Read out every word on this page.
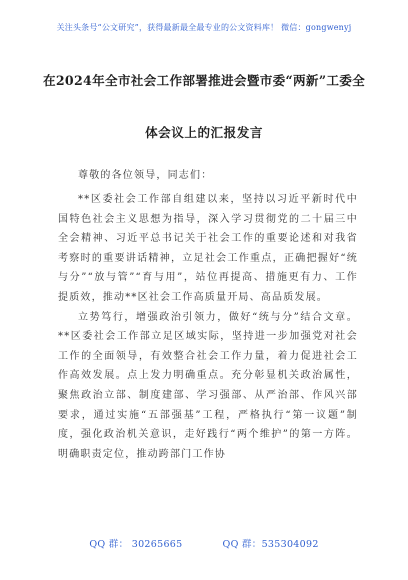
关注头条号“公文研究”，获得最新最全最专业的公文资料库！ 微信：gongwenyj
在2024年全市社会工作部署推进会暨市委“两新”工委全
体会议上的汇报发言
尊敬的各位领导，同志们：

**区委社会工作部自组建以来，坚持以习近平新时代中国特色社会主义思想为指导，深入学习贯彻党的二十届三中全会精神、习近平总书记关于社会工作的重要论述和对我省考察时的重要讲话精神，立足社会工作重点，正确把握好“统与分”“放与管”“育与用”，站位再提高、措施更有力、工作提质效，推动**区社会工作高质量开局、高品质发展。

立势笃行，增强政治引领力，做好“统与分”结合文章。**区委社会工作部立足区域实际，坚持进一步加强党对社会工作的全面领导，有效整合社会工作力量，着力促进社会工作高效发展。点上发力明确重点。充分彰显机关政治属性，聚焦政治立部、制度建部、学习强部、从严治部、作风兴部要求，通过实施“五部强基”工程，严格执行“第一议题”制度，强化政治机关意识，走好践行“两个维护”的第一方阵。明确职责定位，推动跨部门工作协

QQ 群： 30265665	QQ 群：535304092
